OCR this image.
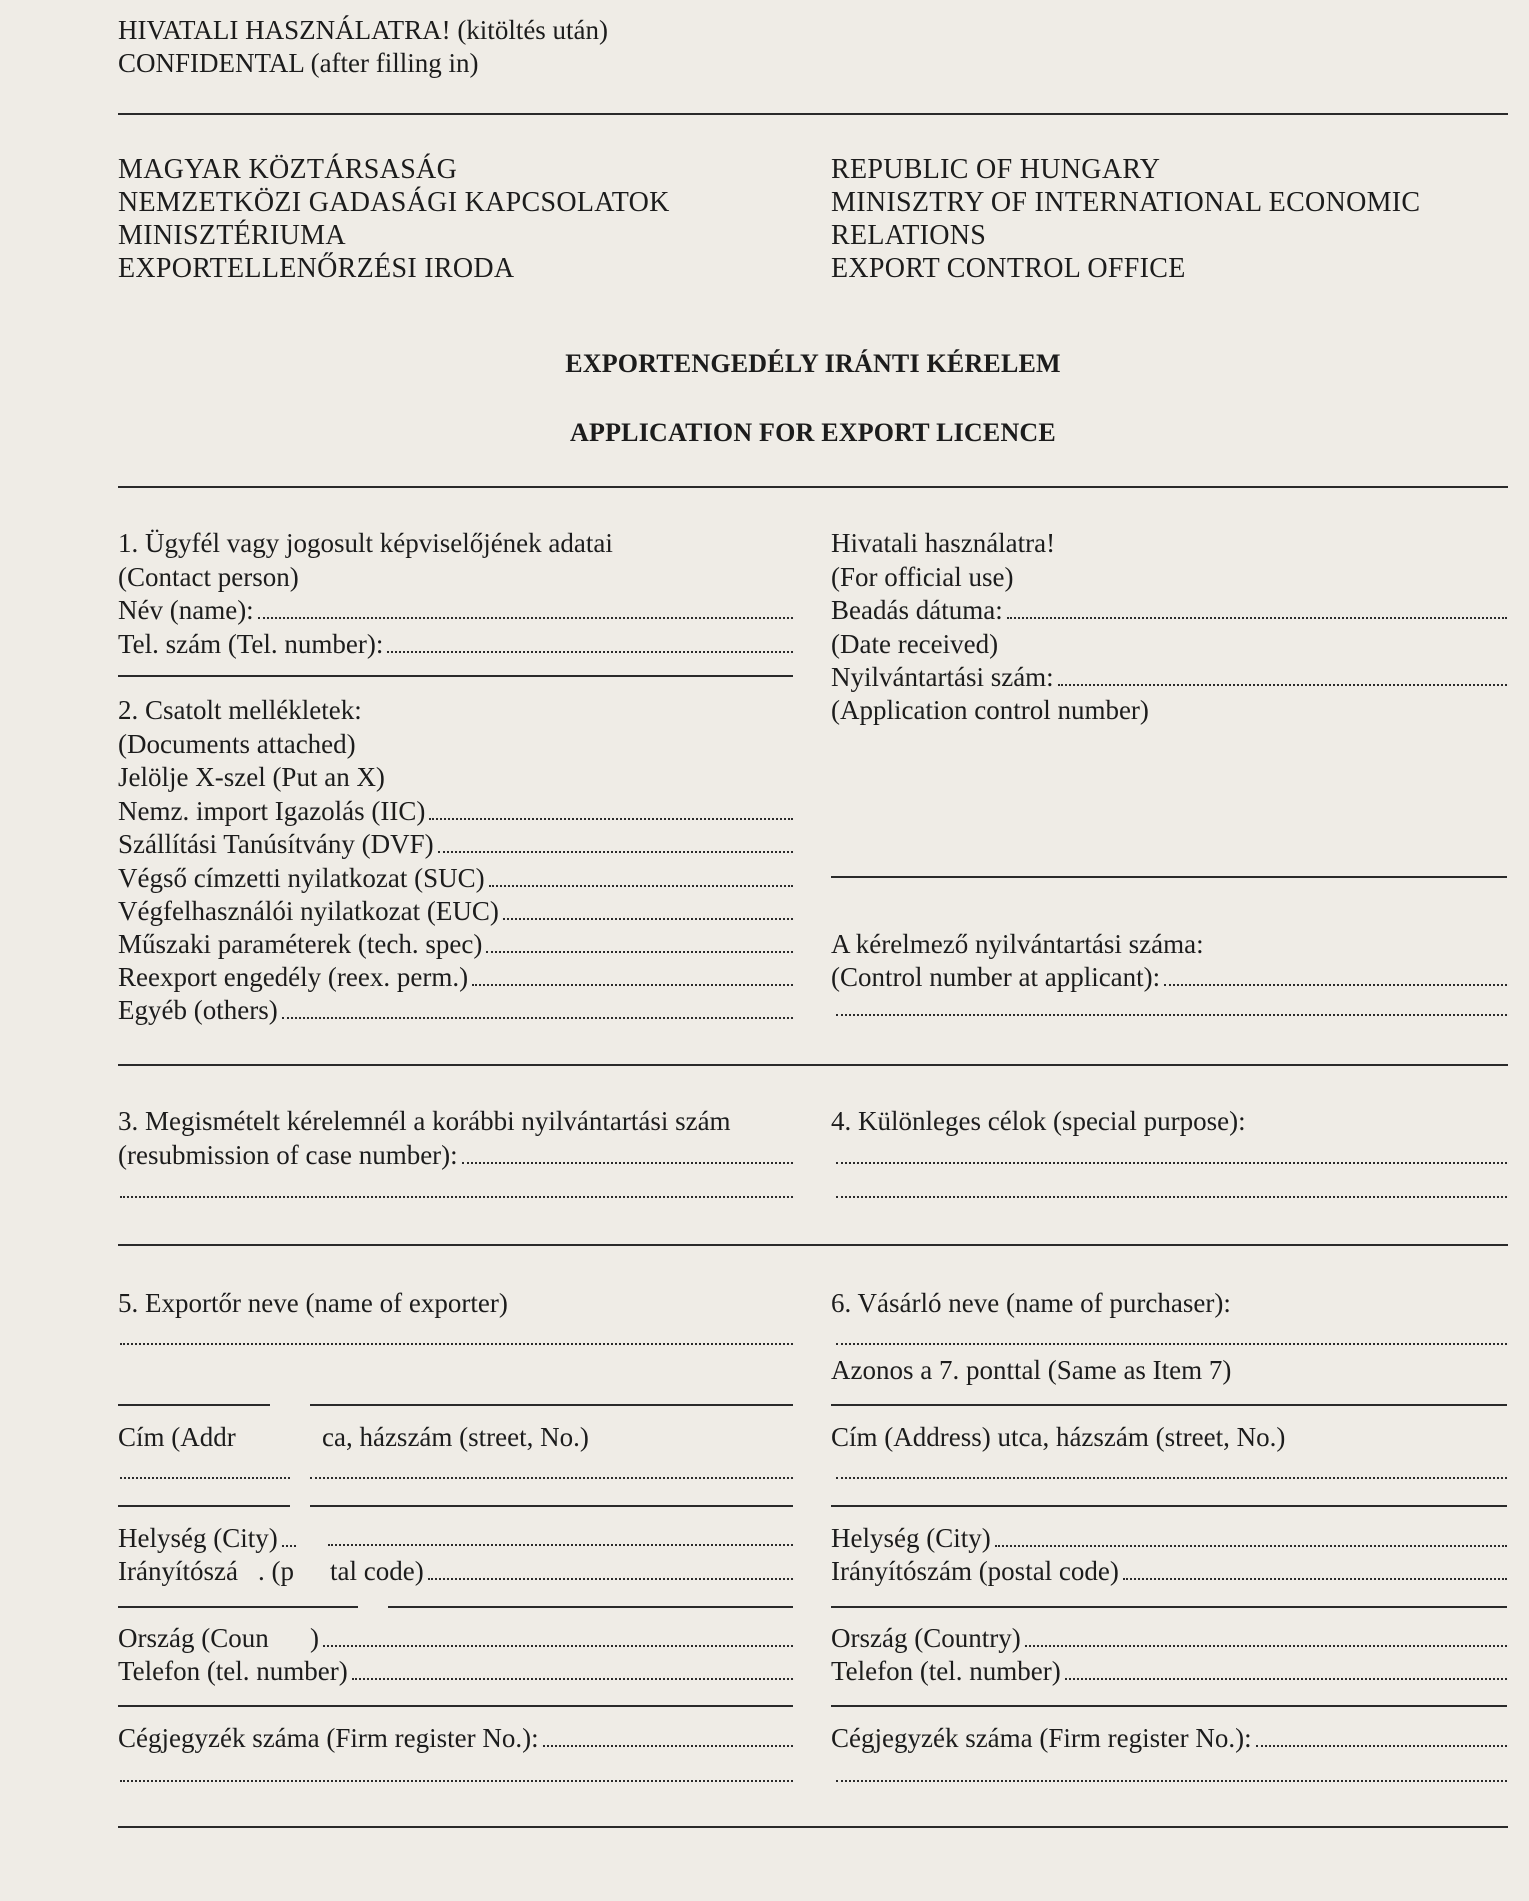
HIVATALI HASZNÁLATRA! (kitöltés után)
CONFIDENTAL (after filling in)
MAGYAR KÖZTÁRSASÁG
NEMZETKÖZI GADASÁGI KAPCSOLATOK
MINISZTÉRIUMA
EXPORTELLENŐRZÉSI IRODA
REPUBLIC OF HUNGARY
MINISZTRY OF INTERNATIONAL ECONOMIC
RELATIONS
EXPORT CONTROL OFFICE
EXPORTENGEDÉLY IRÁNTI KÉRELEM
APPLICATION FOR EXPORT LICENCE
1. Ügyfél vagy jogosult képviselőjének adatai
(Contact person)
Név (name):
Tel. szám (Tel. number):
Hivatali használatra!
(For official use)
Beadás dátuma:
(Date received)
Nyilvántartási szám:
(Application control number)
A kérelmező nyilvántartási száma:
(Control number at applicant):
2. Csatolt mellékletek:
(Documents attached)
Jelölje X-szel (Put an X)
Nemz. import Igazolás (IIC)
Szállítási Tanúsítvány (DVF)
Végső címzetti nyilatkozat (SUC)
Végfelhasználói nyilatkozat (EUC)
Műszaki paraméterek (tech. spec)
Reexport engedély (reex. perm.)
Egyéb (others)
3. Megismételt kérelemnél a korábbi nyilvántartási szám
(resubmission of case number):
4. Különleges célok (special purpose):
5. Exportőr neve (name of exporter)
Cím (Addr	ca, házszám (street, No.)
Helység (City)
Irányítószá . (p tal code)
Ország (Coun )
Telefon (tel. number)
Cégjegyzék száma (Firm register No.):
6. Vásárló neve (name of purchaser):
Azonos a 7. ponttal (Same as Item 7)
Cím (Address) utca, házszám (street, No.)
Helység (City)
Irányítószám (postal code)
Ország (Country)
Telefon (tel. number)
Cégjegyzék száma (Firm register No.):
